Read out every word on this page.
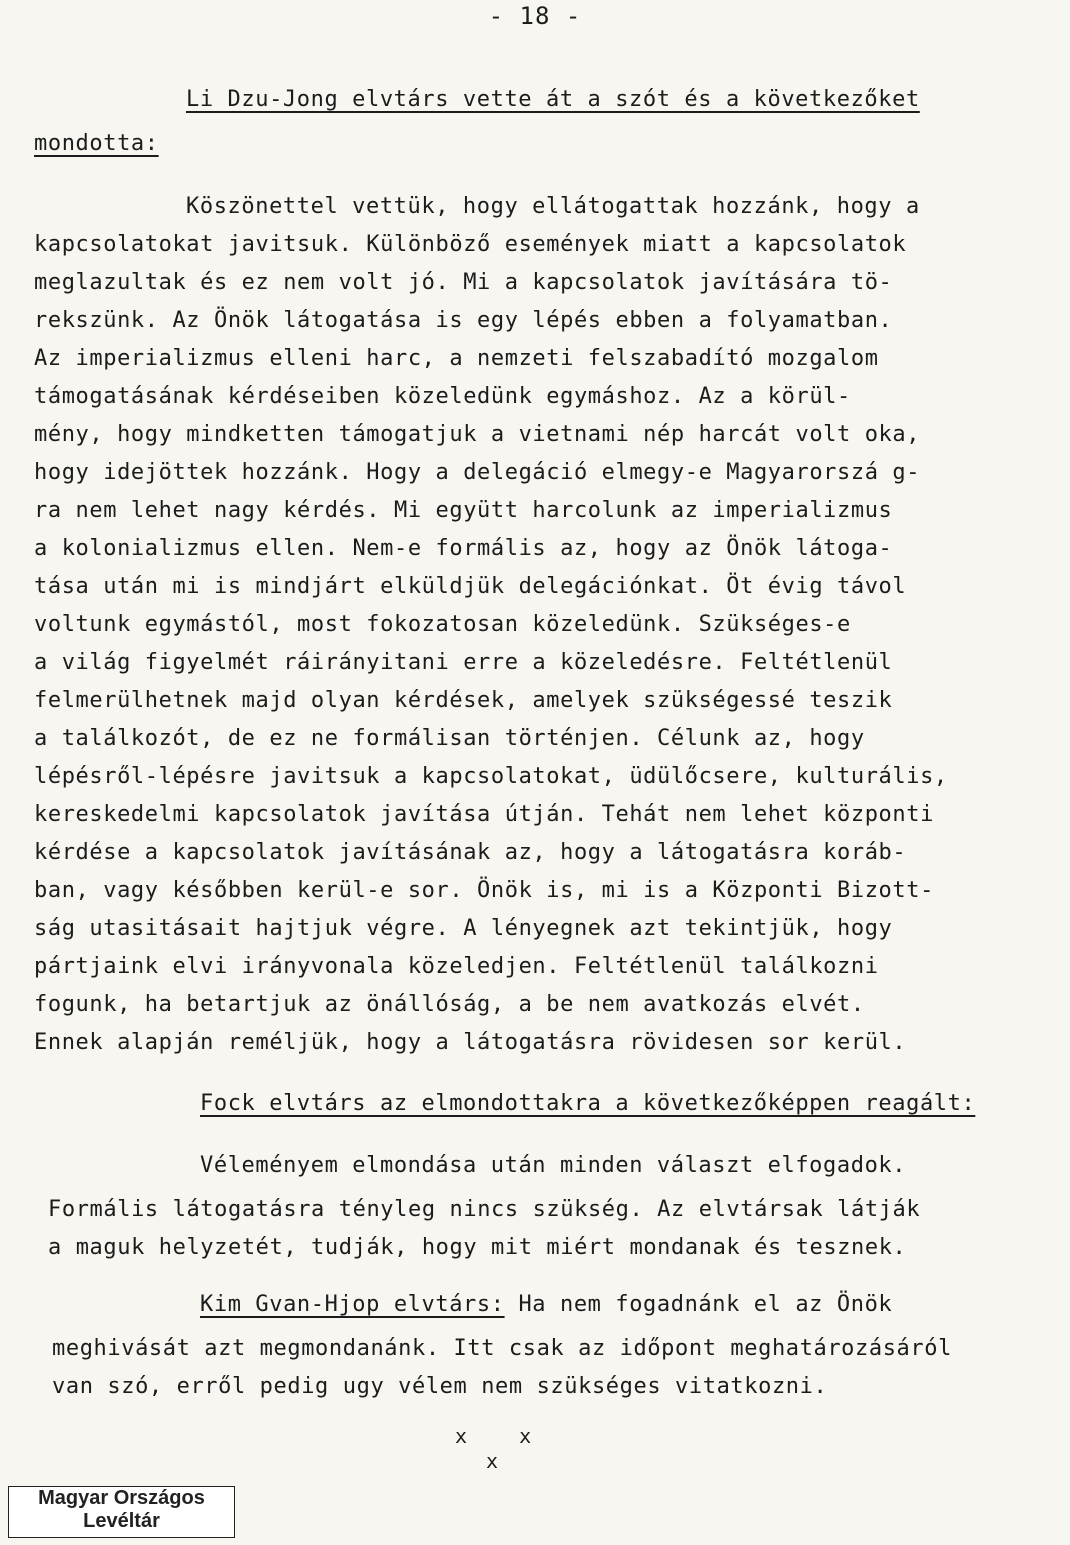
- 18 -
Li Dzu-Jong elvtárs vette át a szót és a következőket
mondotta:
Köszönettel vettük, hogy ellátogattak hozzánk, hogy a
kapcsolatokat javitsuk. Különböző események miatt a kapcsolatok
meglazultak és ez nem volt jó. Mi a kapcsolatok javítására tö-
rekszünk. Az Önök látogatása is egy lépés ebben a folyamatban.
Az imperializmus elleni harc, a nemzeti felszabadító mozgalom
támogatásának kérdéseiben közeledünk egymáshoz. Az a körül-
mény, hogy mindketten támogatjuk a vietnami nép harcát volt oka,
hogy idejöttek hozzánk. Hogy a delegáció elmegy-e Magyarorszá g-
ra nem lehet nagy kérdés. Mi együtt harcolunk az imperializmus
a kolonializmus ellen. Nem-e formális az, hogy az Önök látoga-
tása után mi is mindjárt elküldjük delegációnkat. Öt évig távol
voltunk egymástól, most fokozatosan közeledünk. Szükséges-e
a világ figyelmét ráirányitani erre a közeledésre. Feltétlenül
felmerülhetnek majd olyan kérdések, amelyek szükségessé teszik
a találkozót, de ez ne formálisan történjen. Célunk az, hogy
lépésről-lépésre javitsuk a kapcsolatokat, üdülőcsere, kulturális,
kereskedelmi kapcsolatok javítása útján. Tehát nem lehet központi
kérdése a kapcsolatok javításának az, hogy a látogatásra koráb-
ban, vagy későbben kerül-e sor. Önök is, mi is a Központi Bizott-
ság utasitásait hajtjuk végre. A lényegnek azt tekintjük, hogy
pártjaink elvi irányvonala közeledjen. Feltétlenül találkozni
fogunk, ha betartjuk az önállóság, a be nem avatkozás elvét.
Ennek alapján reméljük, hogy a látogatásra rövidesen sor kerül.
Fock elvtárs az elmondottakra a következőképpen reagált:
Véleményem elmondása után minden választ elfogadok.
Formális látogatásra tényleg nincs szükség. Az elvtársak látják
a maguk helyzetét, tudják, hogy mit miért mondanak és tesznek.
Kim Gvan-Hjop elvtárs: Ha nem fogadnánk el az Önök
meghivását azt megmondanánk. Itt csak az időpont meghatározásáról
van szó, erről pedig ugy vélem nem szükséges vitatkozni.
x x
x
Magyar Országos
Levéltár
